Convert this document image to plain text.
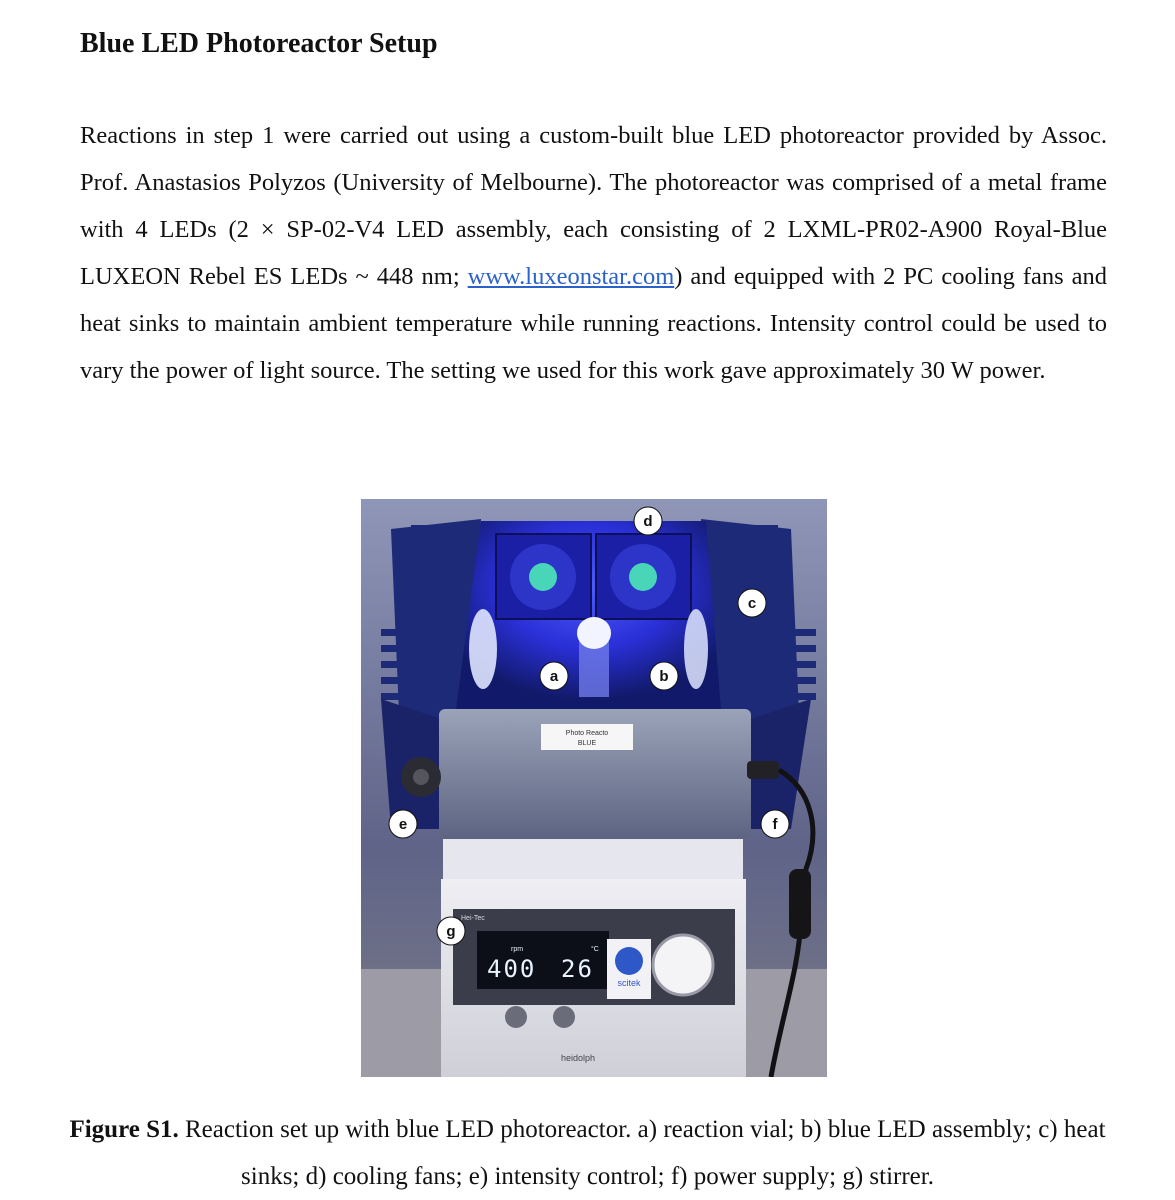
Blue LED Photoreactor Setup

Reactions in step 1 were carried out using a custom-built blue LED photoreactor provided by Assoc. Prof. Anastasios Polyzos (University of Melbourne). The photoreactor was comprised of a metal frame with 4 LEDs (2 × SP-02-V4 LED assembly, each consisting of 2 LXML-PR02-A900 Royal-Blue LUXEON Rebel ES LEDs ~ 448 nm; www.luxeonstar.com) and equipped with 2 PC cooling fans and heat sinks to maintain ambient temperature while running reactions. Intensity control could be used to vary the power of light source. The setting we used for this work gave approximately 30 W power.

Photo Reacto
BLUE
Hei-Tec
rpm
400
°C
26	scitek
heidolph
d
c
a	b
e	f
g

Figure S1. Reaction set up with blue LED photoreactor. a) reaction vial; b) blue LED assembly; c) heat sinks; d) cooling fans; e) intensity control; f) power supply; g) stirrer.
